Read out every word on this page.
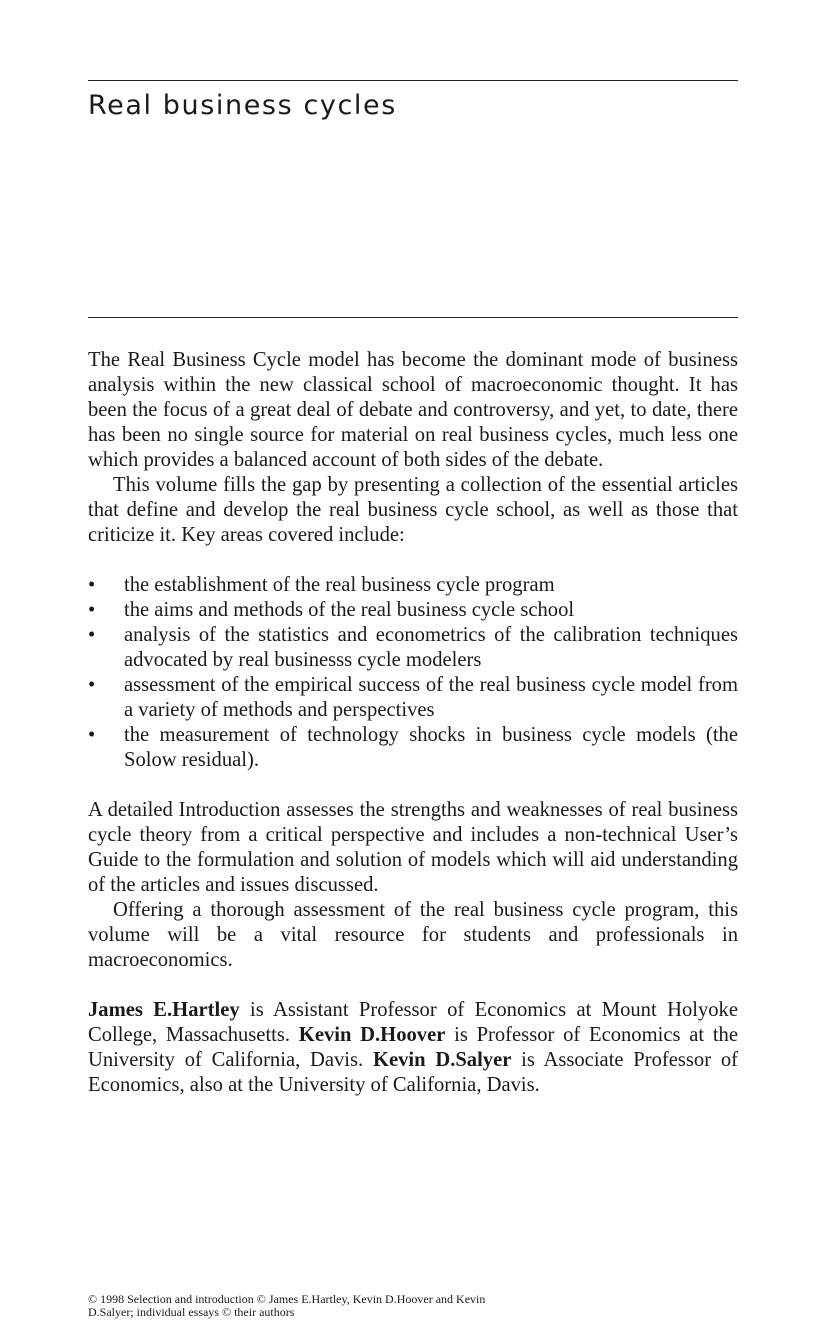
Real business cycles

The Real Business Cycle model has become the dominant mode of business analysis within the new classical school of macroeconomic thought. It has been the focus of a great deal of debate and controversy, and yet, to date, there has been no single source for material on real business cycles, much less one which provides a balanced account of both sides of the debate.

This volume fills the gap by presenting a collection of the essential articles that define and develop the real business cycle school, as well as those that criticize it. Key areas covered include:

• the establishment of the real business cycle program
• the aims and methods of the real business cycle school
• analysis of the statistics and econometrics of the calibration techniques advocated by real businesss cycle modelers
• assessment of the empirical success of the real business cycle model from a variety of methods and perspectives
• the measurement of technology shocks in business cycle models (the Solow residual).

A detailed Introduction assesses the strengths and weaknesses of real business cycle theory from a critical perspective and includes a non-technical User’s Guide to the formulation and solution of models which will aid understanding of the articles and issues discussed.

Offering a thorough assessment of the real business cycle program, this volume will be a vital resource for students and professionals in macroeconomics.

James E.Hartley is Assistant Professor of Economics at Mount Holyoke College, Massachusetts. Kevin D.Hoover is Professor of Economics at the University of California, Davis. Kevin D.Salyer is Associate Professor of Economics, also at the University of California, Davis.

© 1998 Selection and introduction © James E.Hartley, Kevin D.Hoover and Kevin D.Salyer; individual essays © their authors
